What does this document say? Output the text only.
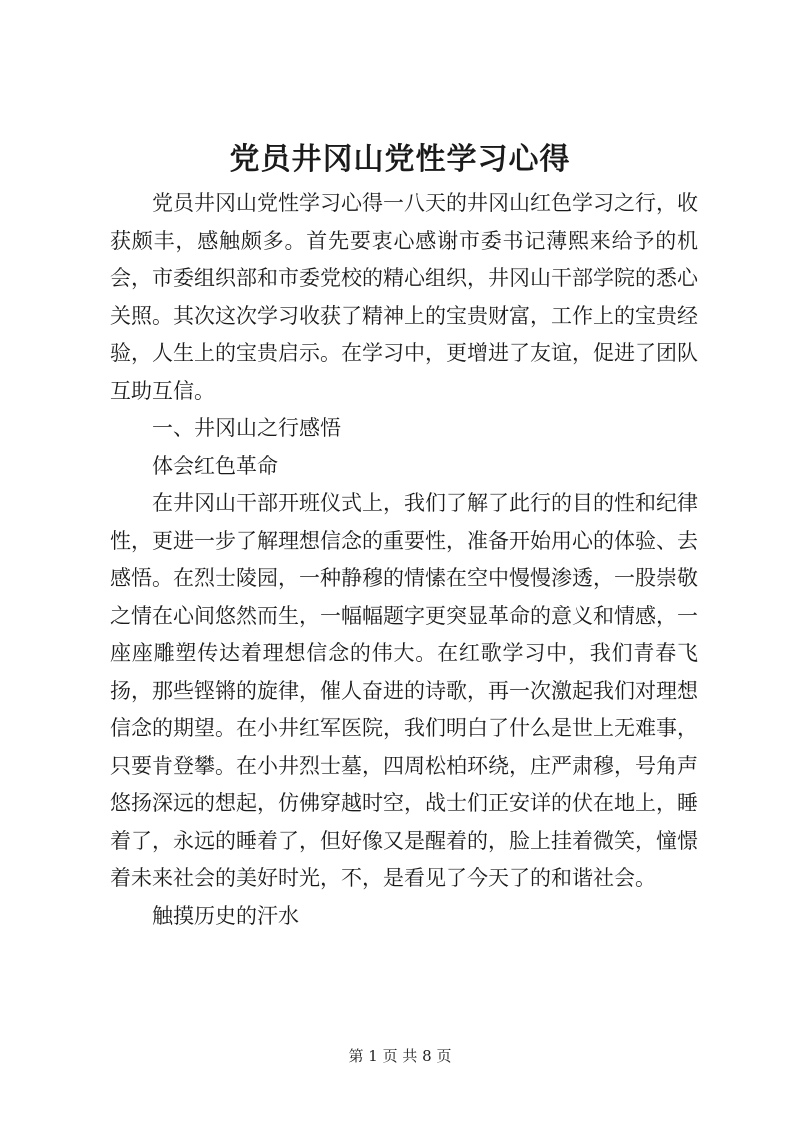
党员井冈山党性学习心得

党员井冈山党性学习心得一八天的井冈山红色学习之行，收获颇丰，感触颇多。首先要衷心感谢市委书记薄熙来给予的机会，市委组织部和市委党校的精心组织，井冈山干部学院的悉心关照。其次这次学习收获了精神上的宝贵财富，工作上的宝贵经验，人生上的宝贵启示。在学习中，更增进了友谊，促进了团队互助互信。

一、井冈山之行感悟

体会红色革命

在井冈山干部开班仪式上，我们了解了此行的目的性和纪律性，更进一步了解理想信念的重要性，准备开始用心的体验、去感悟。在烈士陵园，一种静穆的情愫在空中慢慢渗透，一股崇敬之情在心间悠然而生，一幅幅题字更突显革命的意义和情感，一座座雕塑传达着理想信念的伟大。在红歌学习中，我们青春飞扬，那些铿锵的旋律，催人奋进的诗歌，再一次激起我们对理想信念的期望。在小井红军医院，我们明白了什么是世上无难事，只要肯登攀。在小井烈士墓，四周松柏环绕，庄严肃穆，号角声悠扬深远的想起，仿佛穿越时空，战士们正安详的伏在地上，睡着了，永远的睡着了，但好像又是醒着的，脸上挂着微笑，憧憬着未来社会的美好时光，不，是看见了今天了的和谐社会。

触摸历史的汗水

第 1 页 共 8 页
